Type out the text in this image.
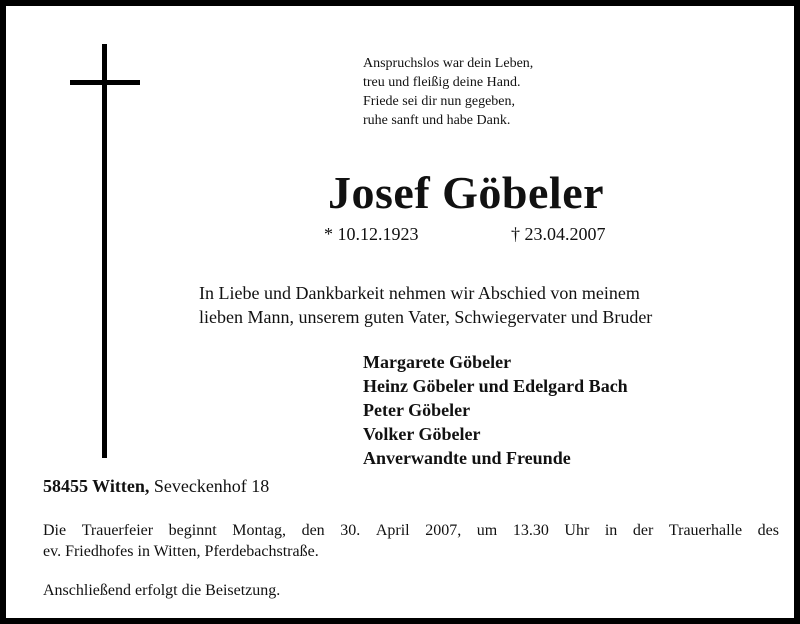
Anspruchslos war dein Leben,
treu und fleißig deine Hand.
Friede sei dir nun gegeben,
ruhe sanft und habe Dank.
Josef Göbeler
* 10.12.1923	† 23.04.2007
In Liebe und Dankbarkeit nehmen wir Abschied von meinem
lieben Mann, unserem guten Vater, Schwiegervater und Bruder
Margarete Göbeler
Heinz Göbeler und Edelgard Bach
Peter Göbeler
Volker Göbeler
Anverwandte und Freunde
58455 Witten, Seveckenhof 18
Die Trauerfeier beginnt Montag, den 30. April 2007, um 13.30 Uhr in der Trauerhalle des
ev. Friedhofes in Witten, Pferdebachstraße.
Anschließend erfolgt die Beisetzung.
